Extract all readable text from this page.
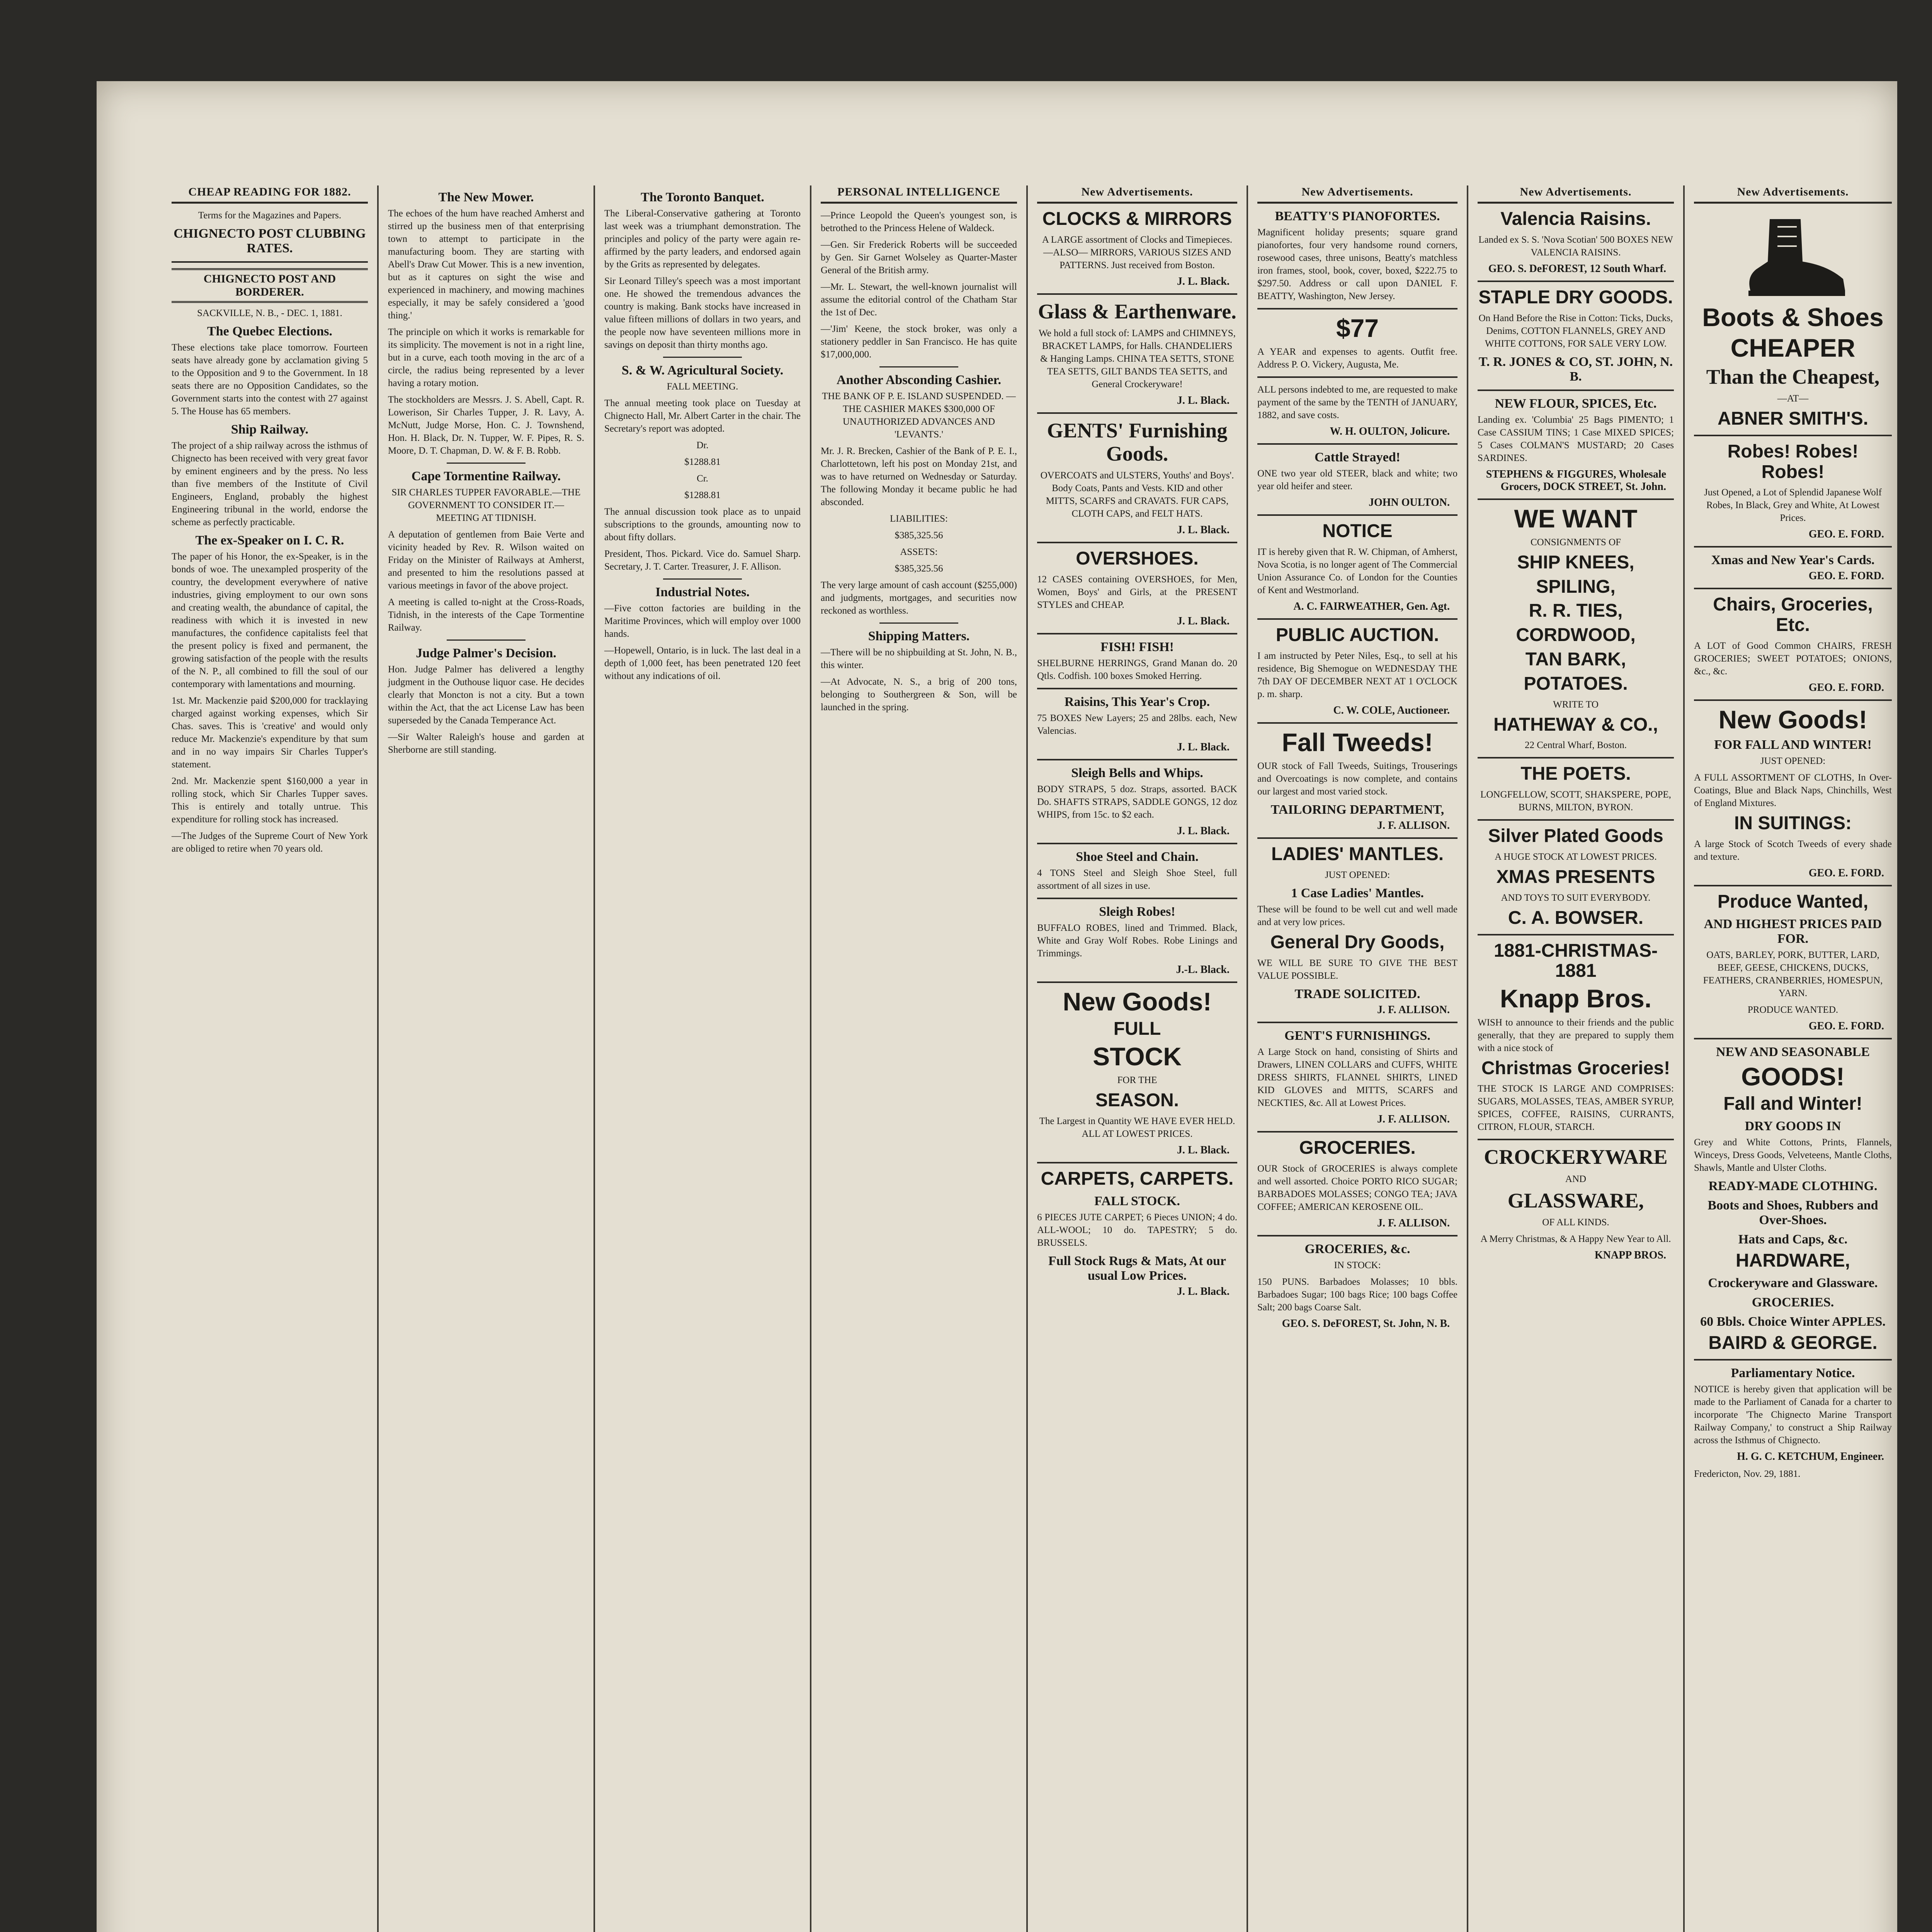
CHEAP READING FOR 1882.
Terms for the Magazines and Papers.
CHIGNECTO POST CLUBBING RATES.
CHIGNECTO POST AND BORDERER.
SACKVILLE, N. B., - DEC. 1, 1881.
The Quebec Elections.
These elections take place tomorrow. Fourteen seats have already gone by acclamation giving 5 to the Opposition and 9 to the Government. In 18 seats there are no Opposition Candidates, so the Government starts into the contest with 27 against 5. The House has 65 members.
Ship Railway.
The project of a ship railway across the isthmus of Chignecto has been received with very great favor by eminent engineers and by the press. No less than five members of the Institute of Civil Engineers, England, probably the highest Engineering tribunal in the world, endorse the scheme as perfectly practicable.
The ex-Speaker on I. C. R.
The paper of his Honor, the ex-Speaker, is in the bonds of woe. The unexampled prosperity of the country, the development everywhere of native industries, giving employment to our own sons and creating wealth, the abundance of capital, the readiness with which it is invested in new manufactures, the confidence capitalists feel that the present policy is fixed and permanent, the growing satisfaction of the people with the results of the N. P., all combined to fill the soul of our contemporary with lamentations and mourning.
1st. Mr. Mackenzie paid $200,000 for tracklaying charged against working expenses, which Sir Chas. saves. This is 'creative' and would only reduce Mr. Mackenzie's expenditure by that sum and in no way impairs Sir Charles Tupper's statement.
2nd. Mr. Mackenzie spent $160,000 a year in rolling stock, which Sir Charles Tupper saves. This is entirely and totally untrue. This expenditure for rolling stock has increased.
—The Judges of the Supreme Court of New York are obliged to retire when 70 years old.
The New Mower.
The echoes of the hum have reached Amherst and stirred up the business men of that enterprising town to attempt to participate in the manufacturing boom. They are starting with Abell's Draw Cut Mower. This is a new invention, but as it captures on sight the wise and experienced in machinery, and mowing machines especially, it may be safely considered a 'good thing.'
The principle on which it works is remarkable for its simplicity. The movement is not in a right line, but in a curve, each tooth moving in the arc of a circle, the radius being represented by a lever having a rotary motion.
The stockholders are Messrs. J. S. Abell, Capt. R. Lowerison, Sir Charles Tupper, J. R. Lavy, A. McNutt, Judge Morse, Hon. C. J. Townshend, Hon. H. Black, Dr. N. Tupper, W. F. Pipes, R. S. Moore, D. T. Chapman, D. W. & F. B. Robb.
Cape Tormentine Railway.
SIR CHARLES TUPPER FAVORABLE.—THE GOVERNMENT TO CONSIDER IT.—MEETING AT TIDNISH.
A deputation of gentlemen from Baie Verte and vicinity headed by Rev. R. Wilson waited on Friday on the Minister of Railways at Amherst, and presented to him the resolutions passed at various meetings in favor of the above project.
A meeting is called to-night at the Cross-Roads, Tidnish, in the interests of the Cape Tormentine Railway.
Judge Palmer's Decision.
Hon. Judge Palmer has delivered a lengthy judgment in the Outhouse liquor case. He decides clearly that Moncton is not a city. But a town within the Act, that the act License Law has been superseded by the Canada Temperance Act.
—Sir Walter Raleigh's house and garden at Sherborne are still standing.
The Toronto Banquet.
The Liberal-Conservative gathering at Toronto last week was a triumphant demonstration. The principles and policy of the party were again re-affirmed by the party leaders, and endorsed again by the Grits as represented by delegates.
Sir Leonard Tilley's speech was a most important one. He showed the tremendous advances the country is making. Bank stocks have increased in value fifteen millions of dollars in two years, and the people now have seventeen millions more in savings on deposit than thirty months ago.
S. & W. Agricultural Society.
FALL MEETING.
The annual meeting took place on Tuesday at Chignecto Hall, Mr. Albert Carter in the chair. The Secretary's report was adopted.
Dr.
$1288.81
Cr.
$1288.81
The annual discussion took place as to unpaid subscriptions to the grounds, amounting now to about fifty dollars.
President, Thos. Pickard. Vice do. Samuel Sharp. Secretary, J. T. Carter. Treasurer, J. F. Allison.
Industrial Notes.
—Five cotton factories are building in the Maritime Provinces, which will employ over 1000 hands.
—Hopewell, Ontario, is in luck. The last deal in a depth of 1,000 feet, has been penetrated 120 feet without any indications of oil.
PERSONAL INTELLIGENCE
—Prince Leopold the Queen's youngest son, is betrothed to the Princess Helene of Waldeck.
—Gen. Sir Frederick Roberts will be succeeded by Gen. Sir Garnet Wolseley as Quarter-Master General of the British army.
—Mr. L. Stewart, the well-known journalist will assume the editorial control of the Chatham Star the 1st of Dec.
—'Jim' Keene, the stock broker, was only a stationery peddler in San Francisco. He has quite $17,000,000.
Another Absconding Cashier.
THE BANK OF P. E. ISLAND SUSPENDED. —THE CASHIER MAKES $300,000 OF UNAUTHORIZED ADVANCES AND 'LEVANTS.'
Mr. J. R. Brecken, Cashier of the Bank of P. E. I., Charlottetown, left his post on Monday 21st, and was to have returned on Wednesday or Saturday. The following Monday it became public he had absconded.
LIABILITIES:
$385,325.56
ASSETS:
$385,325.56
The very large amount of cash account ($255,000) and judgments, mortgages, and securities now reckoned as worthless.
Shipping Matters.
—There will be no shipbuilding at St. John, N. B., this winter.
—At Advocate, N. S., a brig of 200 tons, belonging to Southergreen & Son, will be launched in the spring.
New Advertisements.
CLOCKS & MIRRORS
A LARGE assortment of Clocks and Timepieces. —ALSO— MIRRORS, VARIOUS SIZES AND PATTERNS. Just received from Boston.
J. L. Black.
Glass & Earthenware.
We hold a full stock of: LAMPS and CHIMNEYS, BRACKET LAMPS, for Halls. CHANDELIERS & Hanging Lamps. CHINA TEA SETTS, STONE TEA SETTS, GILT BANDS TEA SETTS, and General Crockeryware!
J. L. Black.
GENTS' Furnishing Goods.
OVERCOATS and ULSTERS, Youths' and Boys'. Body Coats, Pants and Vests. KID and other MITTS, SCARFS and CRAVATS. FUR CAPS, CLOTH CAPS, and FELT HATS.
J. L. Black.
OVERSHOES.
12 CASES containing OVERSHOES, for Men, Women, Boys' and Girls, at the PRESENT STYLES and CHEAP.
J. L. Black.
FISH! FISH!
SHELBURNE HERRINGS, Grand Manan do. 20 Qtls. Codfish. 100 boxes Smoked Herring.
Raisins, This Year's Crop.
75 BOXES New Layers; 25 and 28lbs. each, New Valencias.
J. L. Black.
Sleigh Bells and Whips.
BODY STRAPS, 5 doz. Straps, assorted. BACK Do. SHAFTS STRAPS, SADDLE GONGS, 12 doz WHIPS, from 15c. to $2 each.
J. L. Black.
Shoe Steel and Chain.
4 TONS Steel and Sleigh Shoe Steel, full assortment of all sizes in use.
Sleigh Robes!
BUFFALO ROBES, lined and Trimmed. Black, White and Gray Wolf Robes. Robe Linings and Trimmings.
J.-L. Black.
New Goods!
FULL
STOCK
FOR THE
SEASON.
The Largest in Quantity WE HAVE EVER HELD. ALL AT LOWEST PRICES.
J. L. Black.
CARPETS, CARPETS.
FALL STOCK.
6 PIECES JUTE CARPET; 6 Pieces UNION; 4 do. ALL-WOOL; 10 do. TAPESTRY; 5 do. BRUSSELS.
Full Stock Rugs & Mats, At our usual Low Prices.
J. L. Black.
New Advertisements.
BEATTY'S PIANOFORTES.
Magnificent holiday presents; square grand pianofortes, four very handsome round corners, rosewood cases, three unisons, Beatty's matchless iron frames, stool, book, cover, boxed, $222.75 to $297.50. Address or call upon DANIEL F. BEATTY, Washington, New Jersey.
$77
A YEAR and expenses to agents. Outfit free. Address P. O. Vickery, Augusta, Me.
ALL persons indebted to me, are requested to make payment of the same by the TENTH of JANUARY, 1882, and save costs.
W. H. OULTON, Jolicure.
Cattle Strayed!
ONE two year old STEER, black and white; two year old heifer and steer.
JOHN OULTON.
NOTICE
IT is hereby given that R. W. Chipman, of Amherst, Nova Scotia, is no longer agent of The Commercial Union Assurance Co. of London for the Counties of Kent and Westmorland.
A. C. FAIRWEATHER, Gen. Agt.
PUBLIC AUCTION.
I am instructed by Peter Niles, Esq., to sell at his residence, Big Shemogue on WEDNESDAY THE 7th DAY OF DECEMBER NEXT AT 1 O'CLOCK p. m. sharp.
C. W. COLE, Auctioneer.
Fall Tweeds!
OUR stock of Fall Tweeds, Suitings, Trouserings and Overcoatings is now complete, and contains our largest and most varied stock.
TAILORING DEPARTMENT,
J. F. ALLISON.
LADIES' MANTLES.
JUST OPENED:
1 Case Ladies' Mantles.
These will be found to be well cut and well made and at very low prices.
General Dry Goods,
WE WILL BE SURE TO GIVE THE BEST VALUE POSSIBLE.
TRADE SOLICITED.
J. F. ALLISON.
GENT'S FURNISHINGS.
A Large Stock on hand, consisting of Shirts and Drawers, LINEN COLLARS and CUFFS, WHITE DRESS SHIRTS, FLANNEL SHIRTS, LINED KID GLOVES and MITTS, SCARFS and NECKTIES, &c. All at Lowest Prices.
J. F. ALLISON.
GROCERIES.
OUR Stock of GROCERIES is always complete and well assorted. Choice PORTO RICO SUGAR; BARBADOES MOLASSES; CONGO TEA; JAVA COFFEE; AMERICAN KEROSENE OIL.
J. F. ALLISON.
GROCERIES, &c.
IN STOCK:
150 PUNS. Barbadoes Molasses; 10 bbls. Barbadoes Sugar; 100 bags Rice; 100 bags Coffee Salt; 200 bags Coarse Salt.
GEO. S. DeFOREST, St. John, N. B.
New Advertisements.
Valencia Raisins.
Landed ex S. S. 'Nova Scotian' 500 BOXES NEW VALENCIA RAISINS.
GEO. S. DeFOREST, 12 South Wharf.
STAPLE DRY GOODS.
On Hand Before the Rise in Cotton: Ticks, Ducks, Denims, COTTON FLANNELS, GREY AND WHITE COTTONS, FOR SALE VERY LOW.
T. R. JONES & CO, ST. JOHN, N. B.
NEW FLOUR, SPICES, Etc.
Landing ex. 'Columbia' 25 Bags PIMENTO; 1 Case CASSIUM TINS; 1 Case MIXED SPICES; 5 Cases COLMAN'S MUSTARD; 20 Cases SARDINES.
STEPHENS & FIGGURES, Wholesale Grocers, DOCK STREET, St. John.
WE WANT
CONSIGNMENTS OF
SHIP KNEES,
SPILING,
R. R. TIES,
CORDWOOD,
TAN BARK,
POTATOES.
WRITE TO
HATHEWAY & CO.,
22 Central Wharf, Boston.
THE POETS.
LONGFELLOW, SCOTT, SHAKSPERE, POPE, BURNS, MILTON, BYRON.
Silver Plated Goods
A HUGE STOCK AT LOWEST PRICES.
XMAS PRESENTS
AND TOYS TO SUIT EVERYBODY.
C. A. BOWSER.
1881-CHRISTMAS-1881
Knapp Bros.
WISH to announce to their friends and the public generally, that they are prepared to supply them with a nice stock of
Christmas Groceries!
THE STOCK IS LARGE AND COMPRISES: SUGARS, MOLASSES, TEAS, AMBER SYRUP, SPICES, COFFEE, RAISINS, CURRANTS, CITRON, FLOUR, STARCH.
CROCKERYWARE
AND
GLASSWARE,
OF ALL KINDS.
A Merry Christmas, & A Happy New Year to All.
KNAPP BROS.
New Advertisements.
Boots & Shoes
CHEAPER
Than the Cheapest,
—AT—
ABNER SMITH'S.
Robes! Robes! Robes!
Just Opened, a Lot of Splendid Japanese Wolf Robes, In Black, Grey and White, At Lowest Prices.
GEO. E. FORD.
Xmas and New Year's Cards.
GEO. E. FORD.
Chairs, Groceries, Etc.
A LOT of Good Common CHAIRS, FRESH GROCERIES; SWEET POTATOES; ONIONS, &c., &c.
GEO. E. FORD.
New Goods!
FOR FALL AND WINTER!
JUST OPENED:
A FULL ASSORTMENT OF CLOTHS, In Over-Coatings, Blue and Black Naps, Chinchills, West of England Mixtures.
IN SUITINGS:
A large Stock of Scotch Tweeds of every shade and texture.
GEO. E. FORD.
Produce Wanted,
AND HIGHEST PRICES PAID FOR.
OATS, BARLEY, PORK, BUTTER, LARD, BEEF, GEESE, CHICKENS, DUCKS, FEATHERS, CRANBERRIES, HOMESPUN, YARN.
PRODUCE WANTED.
GEO. E. FORD.
NEW AND SEASONABLE
GOODS!
Fall and Winter!
DRY GOODS IN
Grey and White Cottons, Prints, Flannels, Winceys, Dress Goods, Velveteens, Mantle Cloths, Shawls, Mantle and Ulster Cloths.
READY-MADE CLOTHING.
Boots and Shoes, Rubbers and Over-Shoes.
Hats and Caps, &c.
HARDWARE,
Crockeryware and Glassware.
GROCERIES.
60 Bbls. Choice Winter APPLES.
BAIRD & GEORGE.
Parliamentary Notice.
NOTICE is hereby given that application will be made to the Parliament of Canada for a charter to incorporate 'The Chignecto Marine Transport Railway Company,' to construct a Ship Railway across the Isthmus of Chignecto.
H. G. C. KETCHUM, Engineer.
Fredericton, Nov. 29, 1881.
